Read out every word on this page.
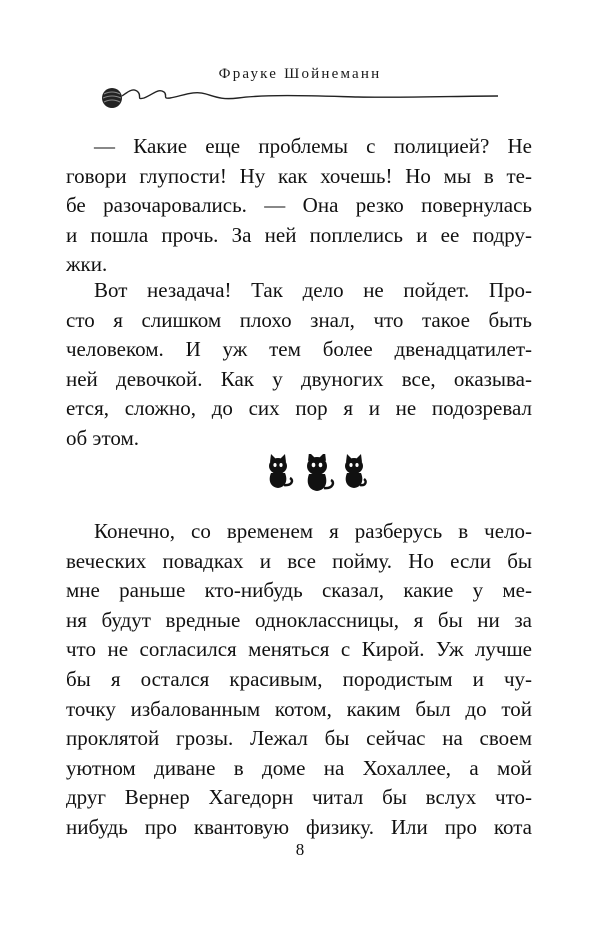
Фрауке Шойнеманн
— Какие еще проблемы с полицией? Не
говори глупости! Ну как хочешь! Но мы в те-
бе разочаровались. — Она резко повернулась
и пошла прочь. За ней поплелись и ее подру-
жки.
Вот незадача! Так дело не пойдет. Про-
сто я слишком плохо знал, что такое быть
человеком. И уж тем более двенадцатилет-
ней девочкой. Как у двуногих все, оказыва-
ется, сложно, до сих пор я и не подозревал
об этом.
Конечно, со временем я разберусь в чело-
веческих повадках и все пойму. Но если бы
мне раньше кто-нибудь сказал, какие у ме-
ня будут вредные одноклассницы, я бы ни за
что не согласился меняться с Кирой. Уж лучше
бы я остался красивым, породистым и чу-
точку избалованным котом, каким был до той
проклятой грозы. Лежал бы сейчас на своем
уютном диване в доме на Хохаллее, а мой
друг Вернер Хагедорн читал бы вслух что-
нибудь про квантовую физику. Или про кота
8
